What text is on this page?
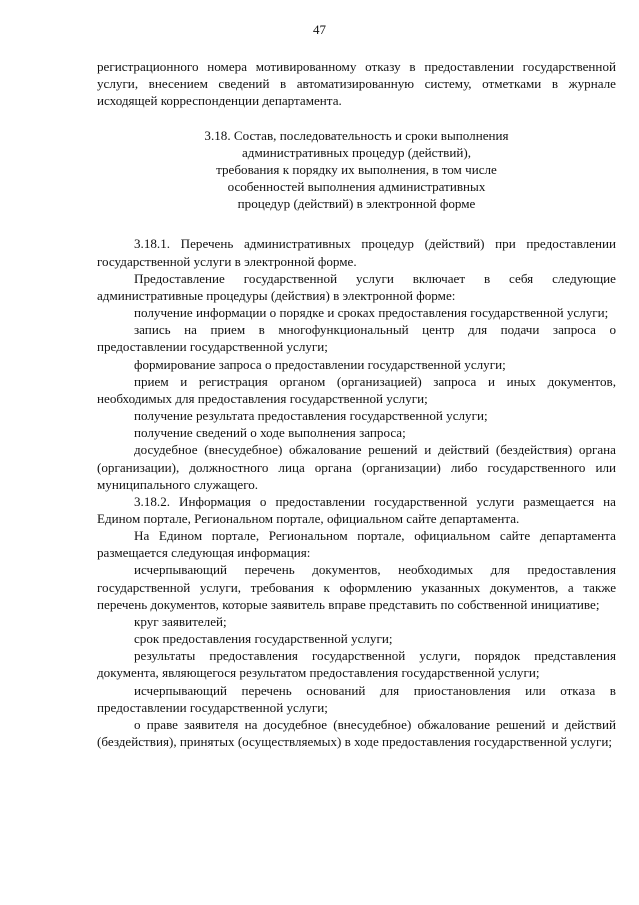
47

регистрационного номера мотивированному отказу в предоставлении государственной услуги, внесением сведений в автоматизированную систему, отметками в журнале исходящей корреспонденции департамента.

3.18. Состав, последовательность и сроки выполнения
административных процедур (действий),
требования к порядку их выполнения, в том числе
особенностей выполнения административных
процедур (действий) в электронной форме

3.18.1. Перечень административных процедур (действий) при предоставлении государственной услуги в электронной форме.

Предоставление государственной услуги включает в себя следующие административные процедуры (действия) в электронной форме:

получение информации о порядке и сроках предоставления государственной услуги;

запись на прием в многофункциональный центр для подачи запроса о предоставлении государственной услуги;

формирование запроса о предоставлении государственной услуги;

прием и регистрация органом (организацией) запроса и иных документов, необходимых для предоставления государственной услуги;

получение результата предоставления государственной услуги;

получение сведений о ходе выполнения запроса;

досудебное (внесудебное) обжалование решений и действий (бездействия) органа (организации), должностного лица органа (организации) либо государственного или муниципального служащего.

3.18.2. Информация о предоставлении государственной услуги размещается на Едином портале, Региональном портале, официальном сайте департамента.

На Едином портале, Региональном портале, официальном сайте департамента размещается следующая информация:

исчерпывающий перечень документов, необходимых для предоставления государственной услуги, требования к оформлению указанных документов, а также перечень документов, которые заявитель вправе представить по собственной инициативе;

круг заявителей;

срок предоставления государственной услуги;

результаты предоставления государственной услуги, порядок представления документа, являющегося результатом предоставления государственной услуги;

исчерпывающий перечень оснований для приостановления или отказа в предоставлении государственной услуги;

о праве заявителя на досудебное (внесудебное) обжалование решений и действий (бездействия), принятых (осуществляемых) в ходе предоставления государственной услуги;
